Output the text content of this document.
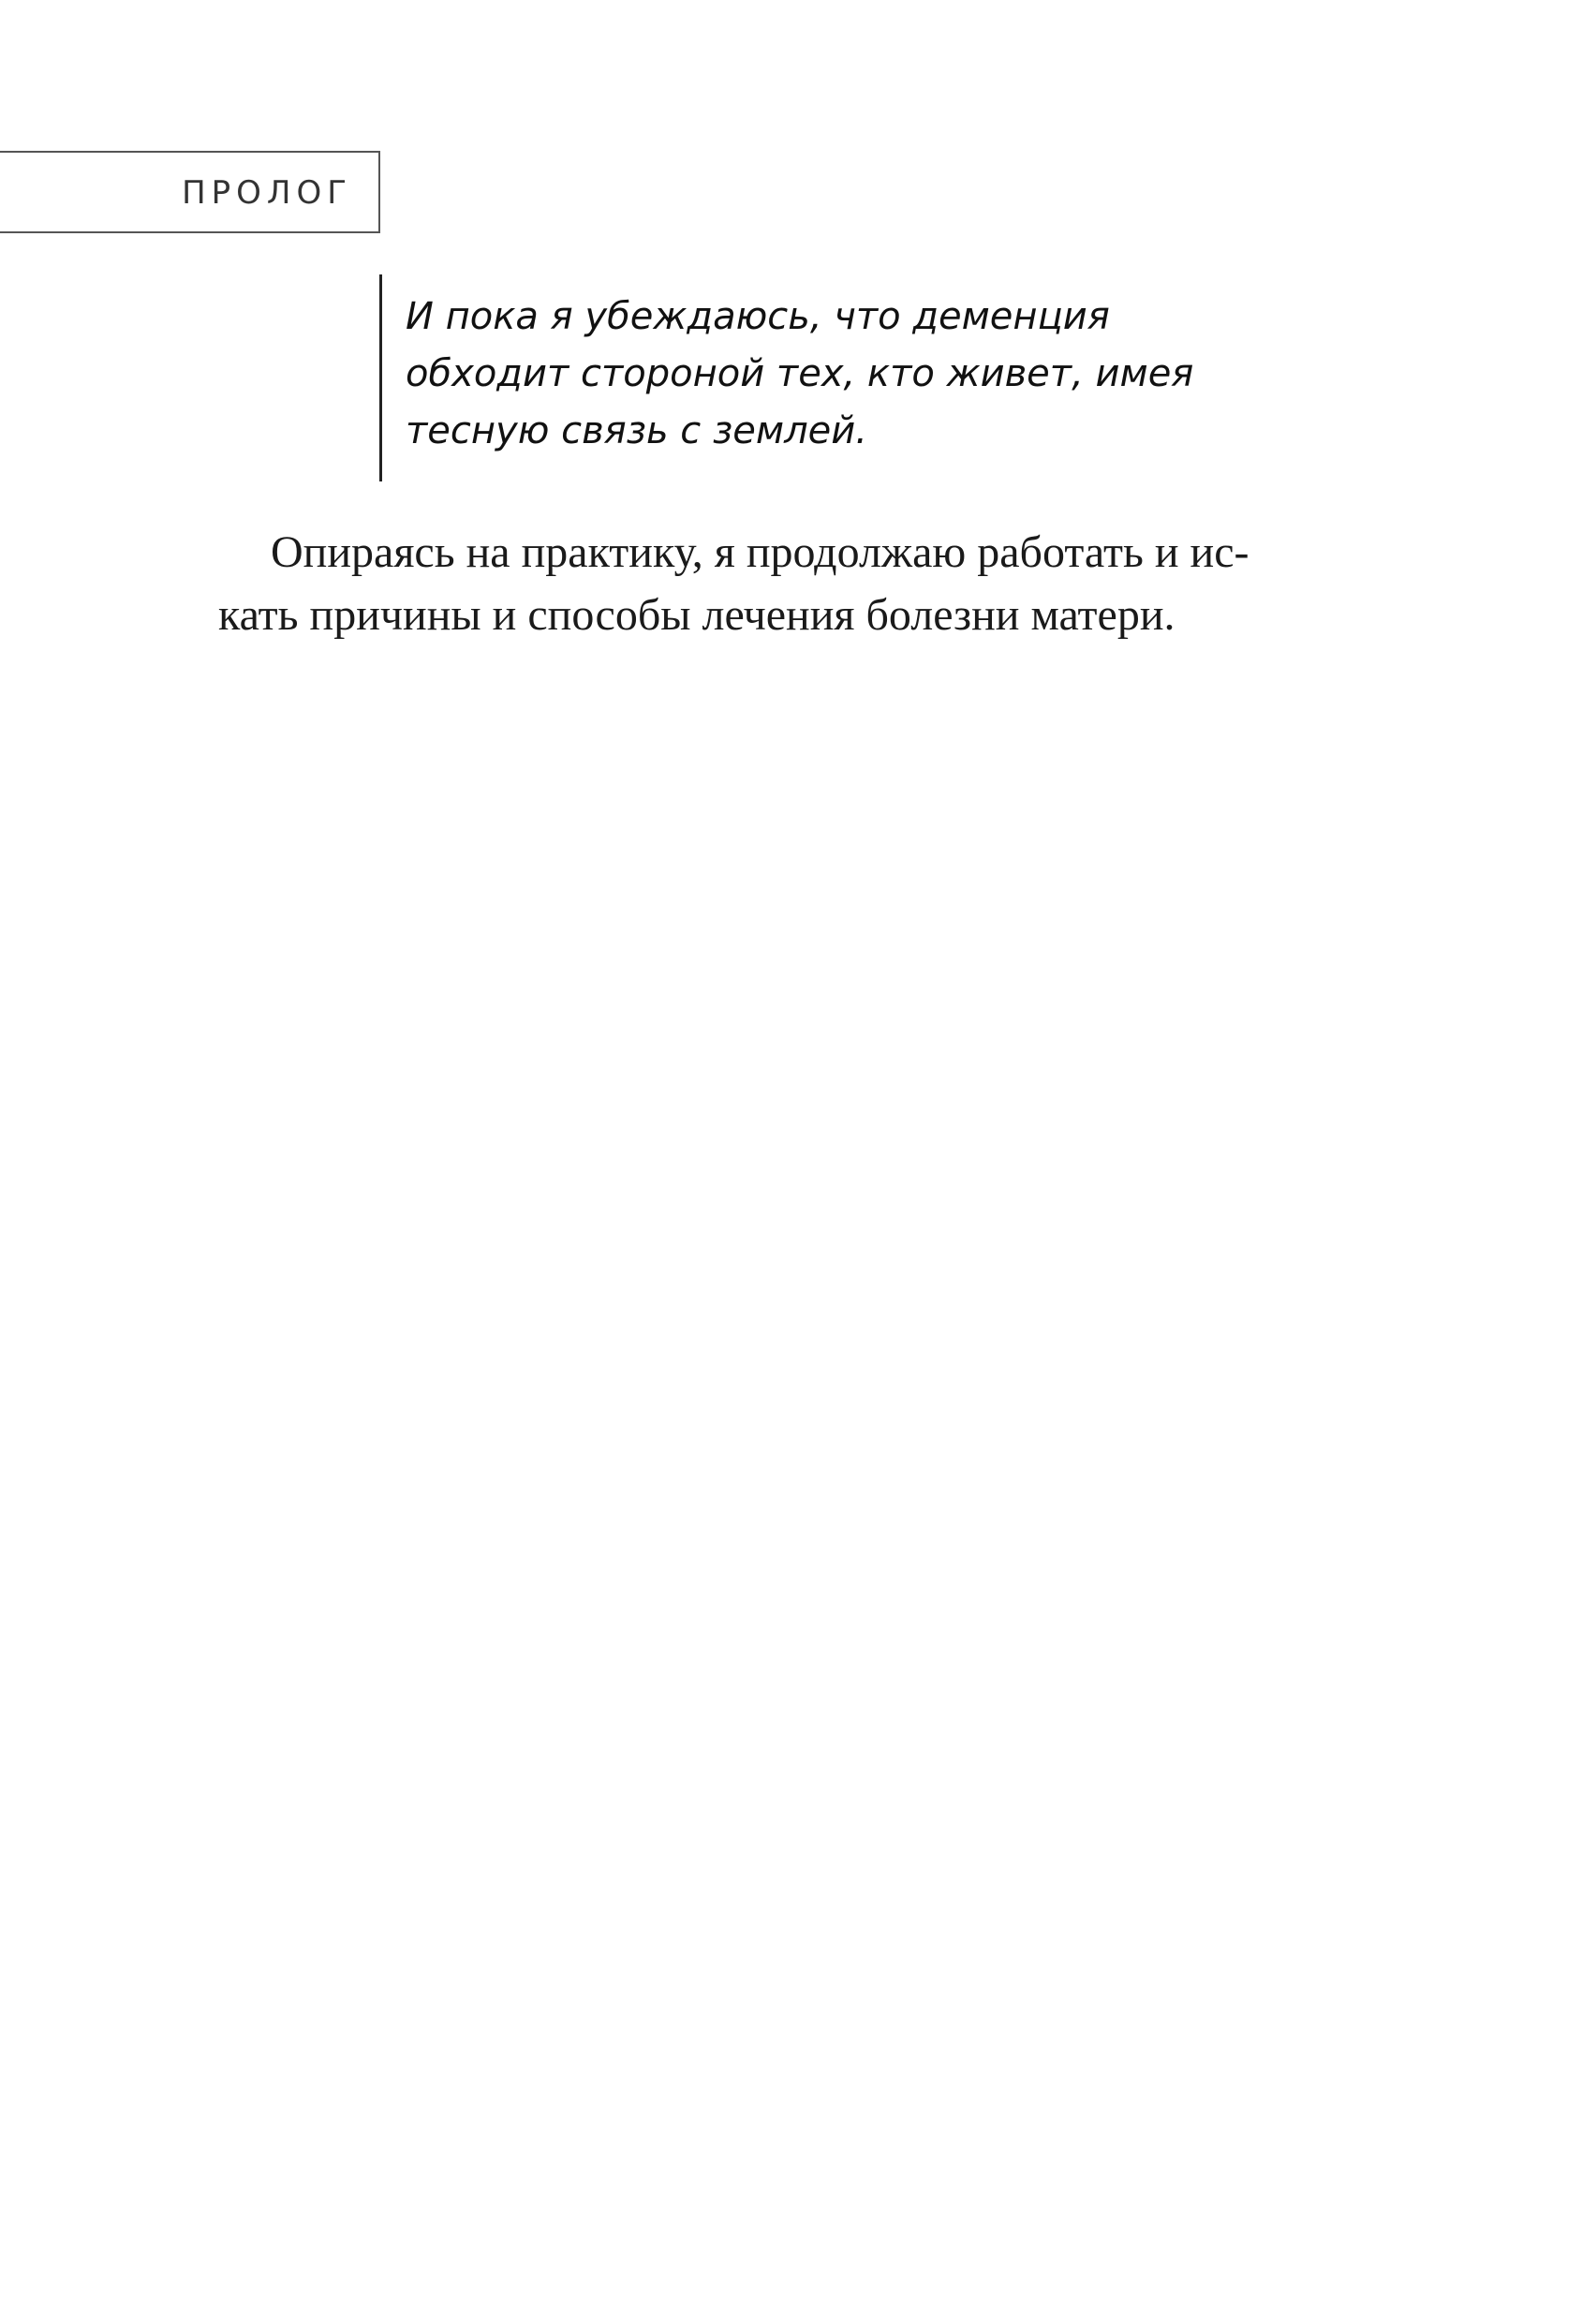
ПРОЛОГ
И пока я убеждаюсь, что деменция
обходит стороной тех, кто живет, имея
тесную связь с землей.
Опираясь на практику, я продолжаю работать и ис-
кать причины и способы лечения болезни матери.
